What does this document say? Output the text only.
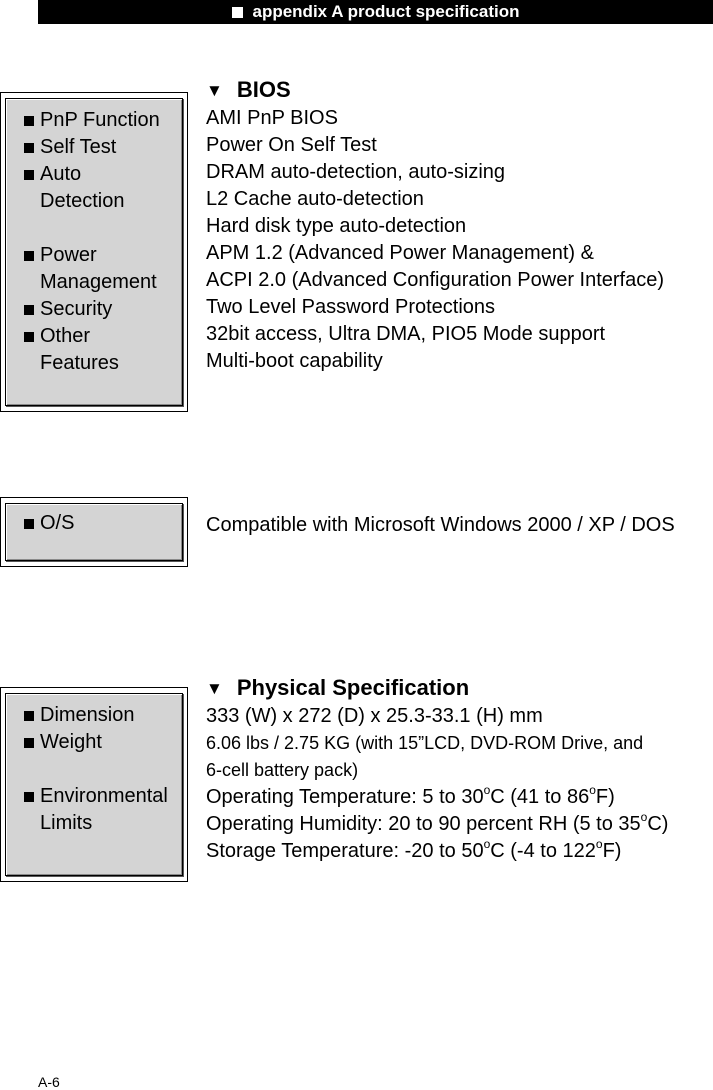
appendix A product specification
▼ BIOS
PnP Function
Self Test
Auto Detection
Power Management
Security
Other Features
AMI PnP BIOS
Power On Self Test
DRAM auto-detection, auto-sizing
L2 Cache auto-detection
Hard disk type auto-detection
APM 1.2 (Advanced Power Management) &
ACPI 2.0 (Advanced Configuration Power Interface)
Two Level Password Protections
32bit access, Ultra DMA, PIO5 Mode support
Multi-boot capability
O/S	Compatible with Microsoft Windows 2000 / XP / DOS
▼ Physical Specification
Dimension
Weight
Environmental Limits
333 (W) x 272 (D) x 25.3-33.1 (H) mm
6.06 lbs / 2.75 KG (with 15”LCD, DVD-ROM Drive, and
6-cell battery pack)
Operating Temperature: 5 to 30$^o$C (41 to 86$^o$F)
Operating Humidity: 20 to 90 percent RH (5 to 35$^o$C)
Storage Temperature: -20 to 50$^o$C (-4 to 122$^o$F)
A-6
